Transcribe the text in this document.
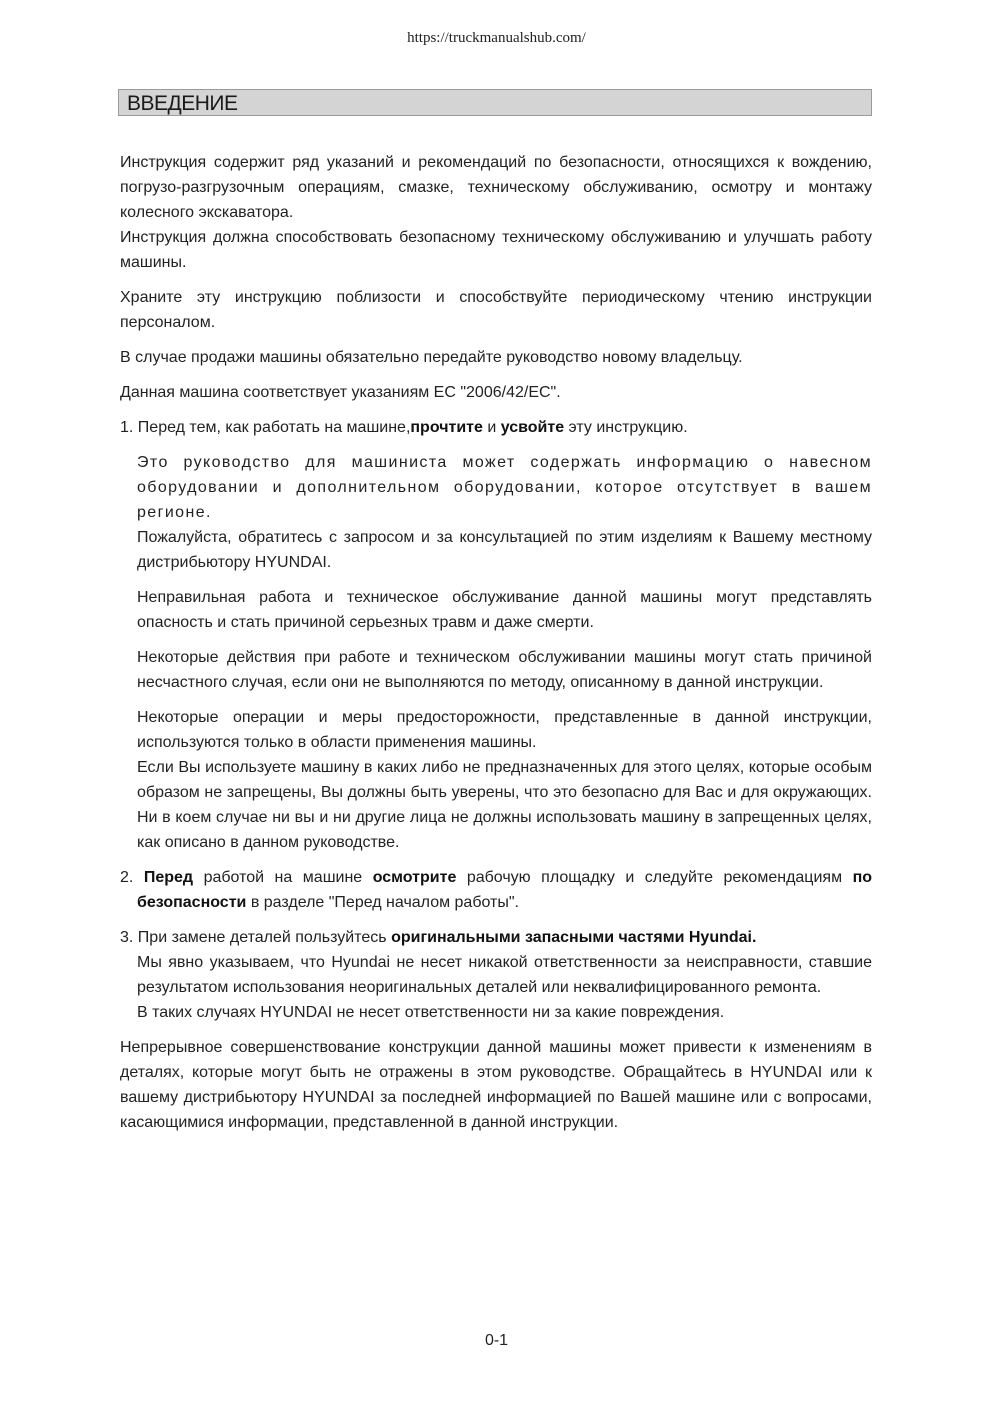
https://truckmanualshub.com/
ВВЕДЕНИЕ

Инструкция содержит ряд указаний и рекомендаций по безопасности, относящихся к вождению, погрузо-разгрузочным операциям, смазке, техническому обслуживанию, осмотру и монтажу колесного экскаватора.

Инструкция должна способствовать безопасному техническому обслуживанию и улучшать работу машины.

Храните эту инструкцию поблизости и способствуйте периодическому чтению инструкции персоналом.

В случае продажи машины обязательно передайте руководство новому владельцу.

Данная машина соответствует указаниям ЕС "2006/42/EC".

1. Перед тем, как работать на машине,прочтите и усвойте эту инструкцию.

Это руководство для машиниста может содержать информацию о навесном оборудовании и дополнительном оборудовании, которое отсутствует в вашем регионе.

Пожалуйста, обратитесь с запросом и за консультацией по этим изделиям к Вашему местному дистрибьютору HYUNDAI.

Неправильная работа и техническое обслуживание данной машины могут представлять опасность и стать причиной серьезных травм и даже смерти.

Некоторые действия при работе и техническом обслуживании машины могут стать причиной несчастного случая, если они не выполняются по методу, описанному в данной инструкции.

Некоторые операции и меры предосторожности, представленные в данной инструкции, используются только в области применения машины.

Если Вы используете машину в каких либо не предназначенных для этого целях, которые особым образом не запрещены, Вы должны быть уверены, что это безопасно для Вас и для окружающих. Ни в коем случае ни вы и ни другие лица не должны использовать машину в запрещенных целях, как описано в данном руководстве.

2. Перед работой на машине осмотрите рабочую площадку и следуйте рекомендациям по безопасности в разделе "Перед началом работы".

3. При замене деталей пользуйтесь оригинальными запасными частями Hyundai.

Мы явно указываем, что Hyundai не несет никакой ответственности за неисправности, ставшие результатом использования неоригинальных деталей или неквалифицированного ремонта.

В таких случаях HYUNDAI не несет ответственности ни за какие повреждения.

Непрерывное совершенствование конструкции данной машины может привести к изменениям в деталях, которые могут быть не отражены в этом руководстве. Обращайтесь в HYUNDAI или к вашему дистрибьютору HYUNDAI за последней информацией по Вашей машине или с вопросами, касающимися информации, представленной в данной инструкции.

0-1
